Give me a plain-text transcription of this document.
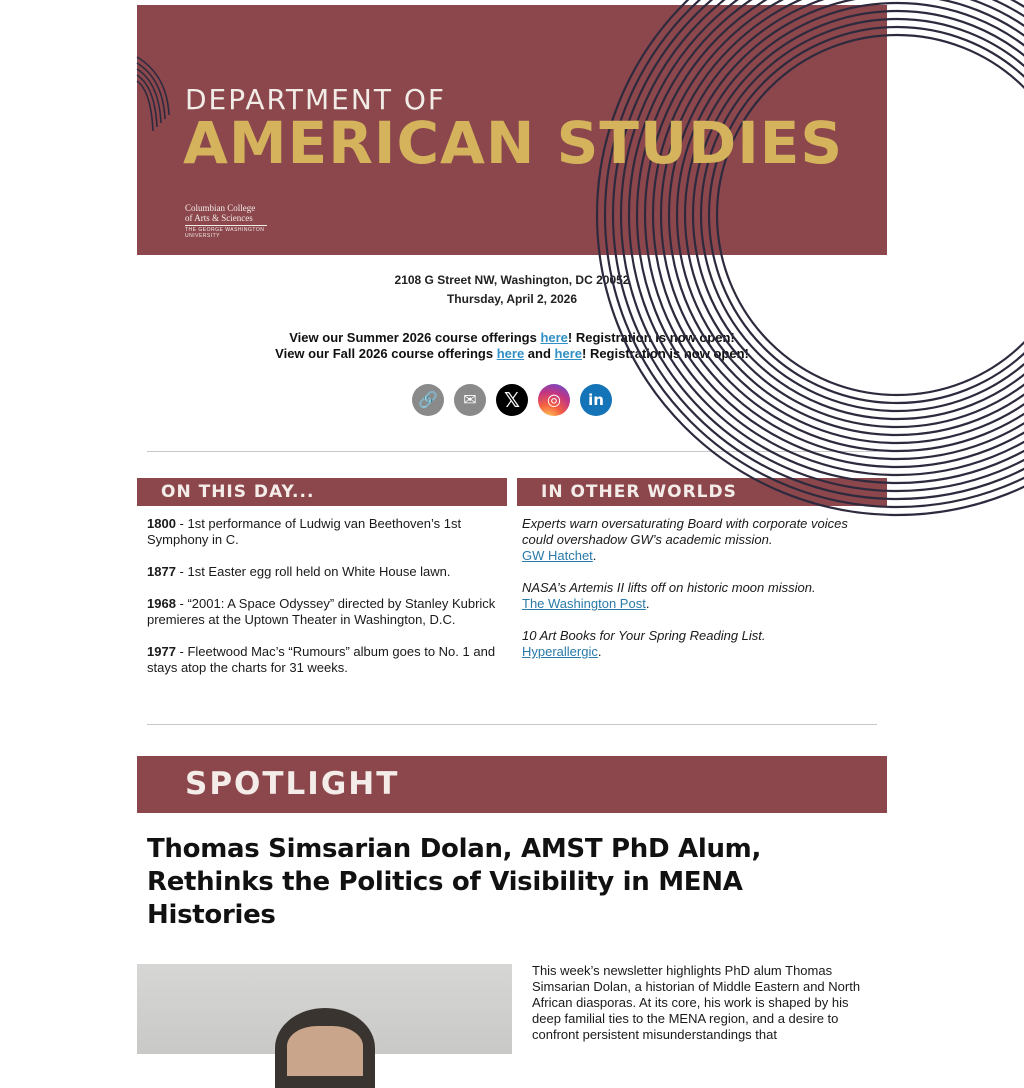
DEPARTMENT OF
AMERICAN STUDIES
Columbian College
of Arts & Sciences
THE GEORGE WASHINGTON UNIVERSITY
2108 G Street NW, Washington, DC 20052
Thursday, April 2, 2026
View our Summer 2026 course offerings here! Registration is now open!
View our Fall 2026 course offerings here and here! Registration is now open!
🔗	✉	𝕏	◎	in
ON THIS DAY...

1800 - 1st performance of Ludwig van Beethoven’s 1st Symphony in C.

1877 - 1st Easter egg roll held on White House lawn.

1968 - “2001: A Space Odyssey” directed by Stanley Kubrick premieres at the Uptown Theater in Washington, D.C.

1977 - Fleetwood Mac’s “Rumours” album goes to No. 1 and stays atop the charts for 31 weeks.

IN OTHER WORLDS

Experts warn oversaturating Board with corporate voices could overshadow GW’s academic mission.
GW Hatchet.

NASA’s Artemis II lifts off on historic moon mission.
The Washington Post.

10 Art Books for Your Spring Reading List.
Hyperallergic.

SPOTLIGHT
Thomas Simsarian Dolan, AMST PhD Alum, Rethinks the Politics of Visibility in MENA Histories
This week’s newsletter highlights PhD alum Thomas Simsarian Dolan, a historian of Middle Eastern and North African diasporas. At its core, his work is shaped by his deep familial ties to the MENA region, and a desire to confront persistent misunderstandings that
